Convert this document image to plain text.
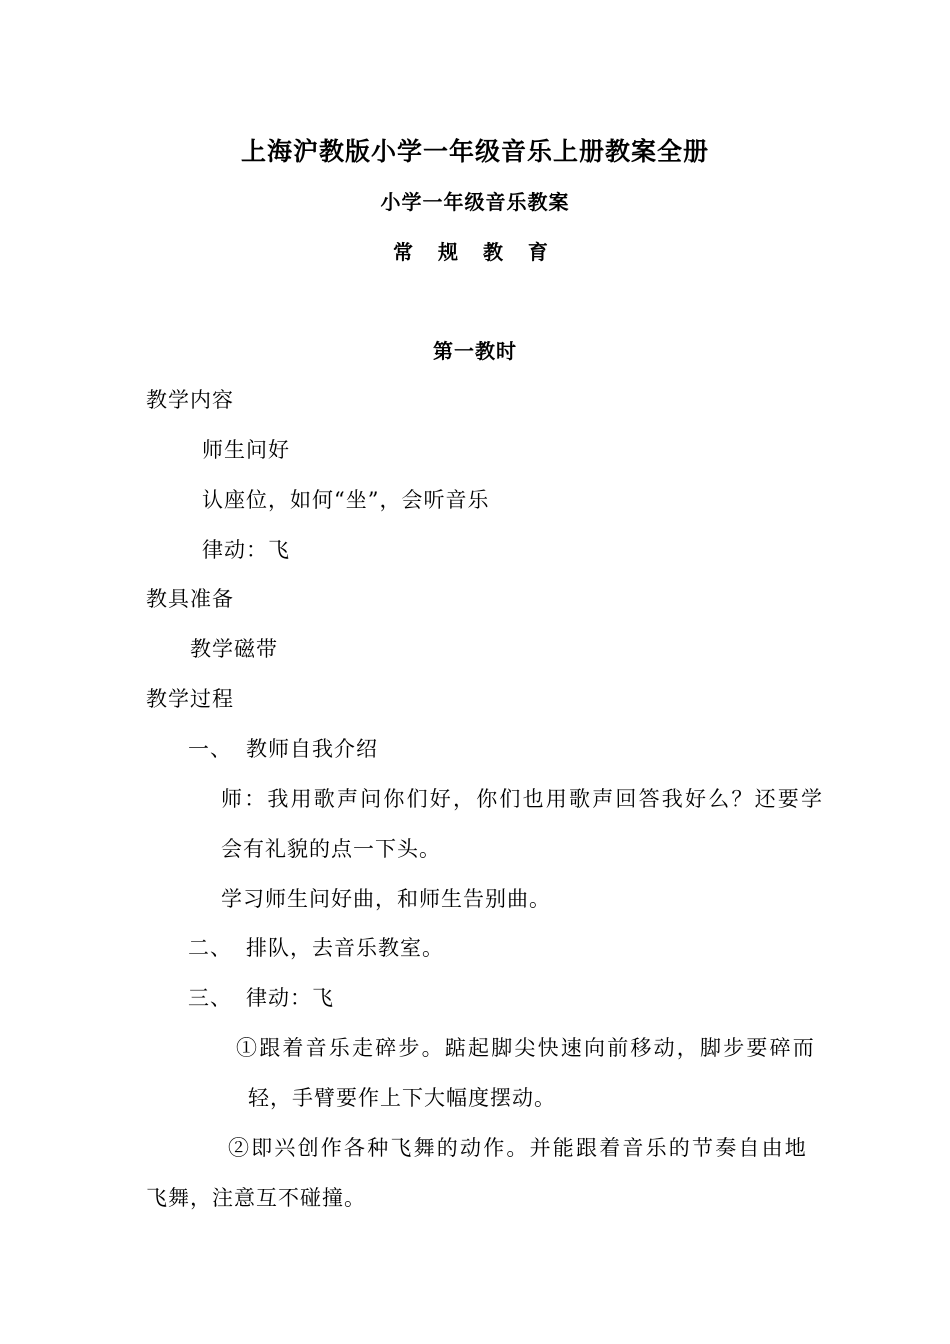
上海沪教版小学一年级音乐上册教案全册
小学一年级音乐教案
常 规 教 育
第一教时
教学内容
师生问好
认座位，如何“坐”，会听音乐
律动：飞
教具准备
教学磁带
教学过程
一、 教师自我介绍
师：我用歌声问你们好，你们也用歌声回答我好么？还要学
会有礼貌的点一下头。
学习师生问好曲，和师生告别曲。
二、 排队，去音乐教室。
三、 律动：飞
①跟着音乐走碎步。踮起脚尖快速向前移动，脚步要碎而
轻，手臂要作上下大幅度摆动。
②即兴创作各种飞舞的动作。并能跟着音乐的节奏自由地
飞舞，注意互不碰撞。
